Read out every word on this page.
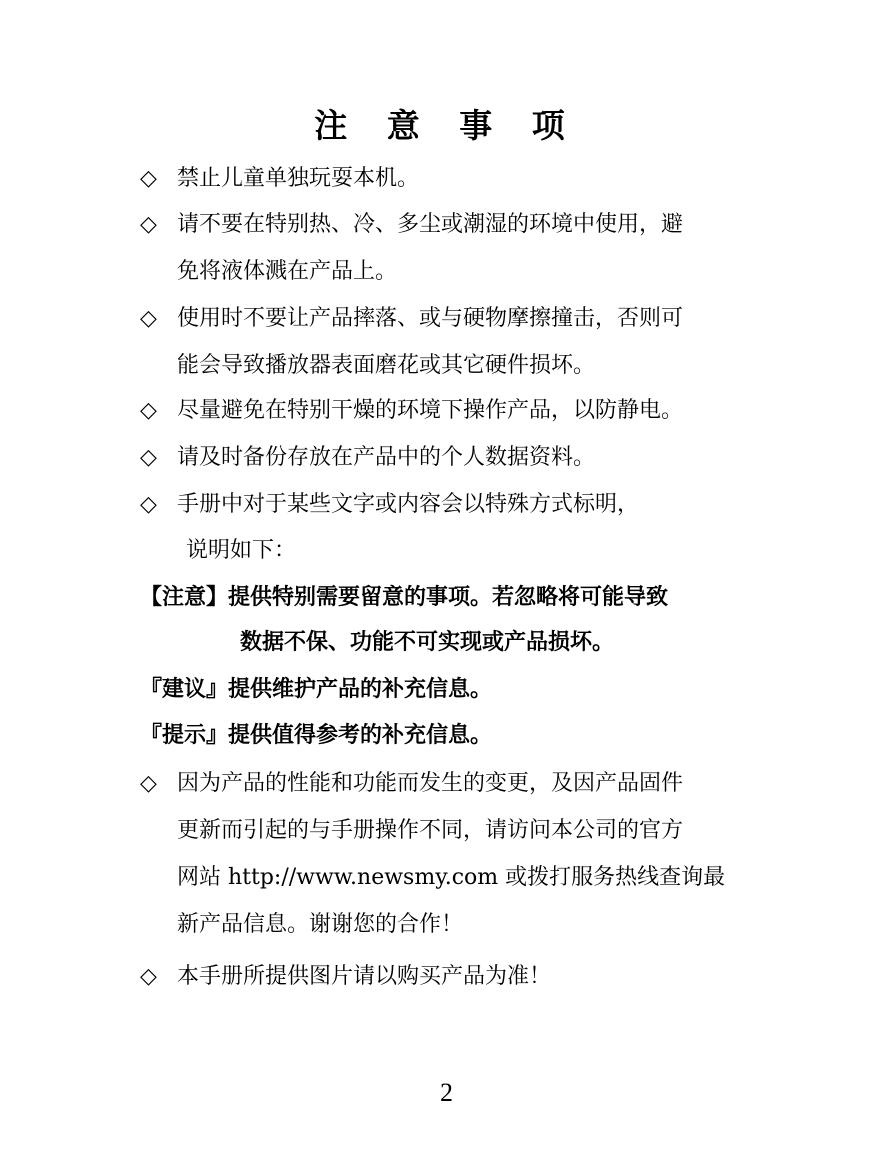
注 意 事 项
◇ 禁止儿童单独玩耍本机。
◇ 请不要在特别热、冷、多尘或潮湿的环境中使用，避
免将液体溅在产品上。
◇ 使用时不要让产品摔落、或与硬物摩擦撞击，否则可
能会导致播放器表面磨花或其它硬件损坏。
◇ 尽量避免在特别干燥的环境下操作产品，以防静电。
◇ 请及时备份存放在产品中的个人数据资料。
◇ 手册中对于某些文字或内容会以特殊方式标明，
说明如下：
【注意】提供特别需要留意的事项。若忽略将可能导致
数据不保、功能不可实现或产品损坏。
『建议』提供维护产品的补充信息。
『提示』提供值得参考的补充信息。
◇ 因为产品的性能和功能而发生的变更，及因产品固件
更新而引起的与手册操作不同，请访问本公司的官方
网站 http://www.newsmy.com 或拨打服务热线查询最
新产品信息。谢谢您的合作！
◇ 本手册所提供图片请以购买产品为准！
2
